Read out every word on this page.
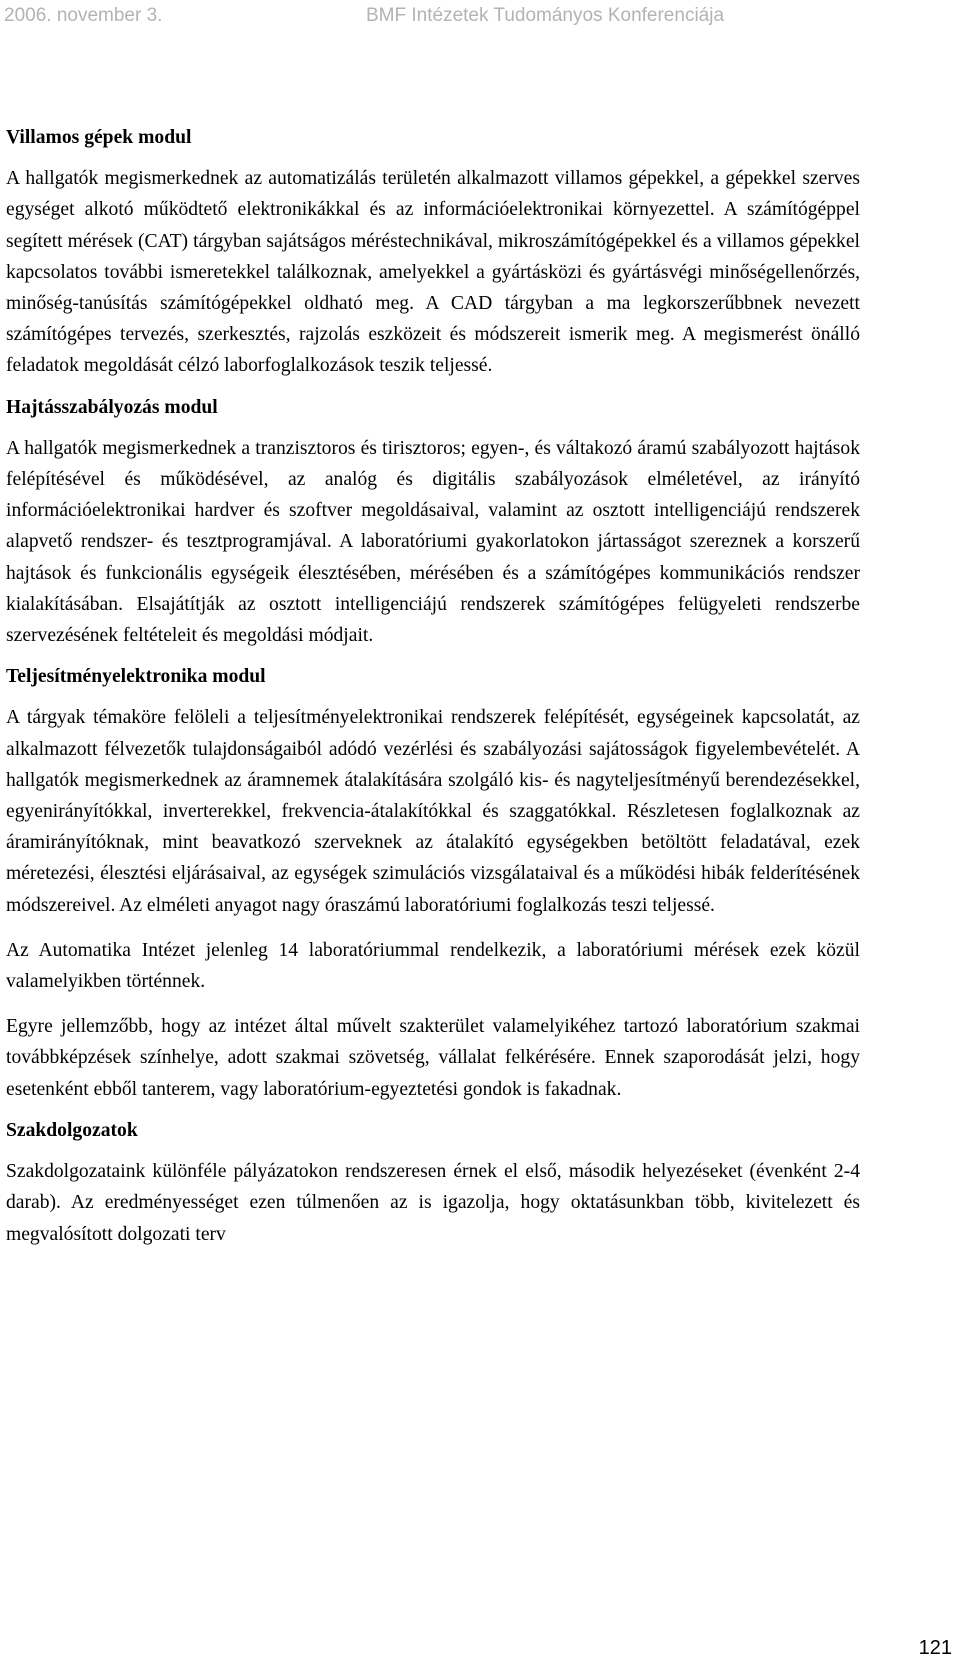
2006. november 3.	BMF Intézetek Tudományos Konferenciája
Villamos gépek modul

A hallgatók megismerkednek az automatizálás területén alkalmazott villamos gépekkel, a gépekkel szerves egységet alkotó működtető elektronikákkal és az információelektronikai környezettel. A számítógéppel segített mérések (CAT) tárgyban sajátságos méréstechnikával, mikroszámítógépekkel és a villamos gépekkel kapcsolatos további ismeretekkel találkoznak, amelyekkel a gyártásközi és gyártásvégi minőségellenőrzés, minőség-tanúsítás számítógépekkel oldható meg. A CAD tárgyban a ma legkorszerűbbnek nevezett számítógépes tervezés, szerkesztés, rajzolás eszközeit és módszereit ismerik meg. A megismerést önálló feladatok megoldását célzó laborfoglalkozások teszik teljessé.

Hajtásszabályozás modul

A hallgatók megismerkednek a tranzisztoros és tirisztoros; egyen-, és váltakozó áramú szabályozott hajtások felépítésével és működésével, az analóg és digitális szabályozások elméletével, az irányító információelektronikai hardver és szoftver megoldásaival, valamint az osztott intelligenciájú rendszerek alapvető rendszer- és tesztprogramjával. A laboratóriumi gyakorlatokon jártasságot szereznek a korszerű hajtások és funkcionális egységeik élesztésében, mérésében és a számítógépes kommunikációs rendszer kialakításában. Elsajátítják az osztott intelligenciájú rendszerek számítógépes felügyeleti rendszerbe szervezésének feltételeit és megoldási módjait.

Teljesítményelektronika modul

A tárgyak témaköre felöleli a teljesítményelektronikai rendszerek felépítését, egységeinek kapcsolatát, az alkalmazott félvezetők tulajdonságaiból adódó vezérlési és szabályozási sajátosságok figyelembevételét. A hallgatók megismerkednek az áramnemek átalakítására szolgáló kis- és nagyteljesítményű berendezésekkel, egyenirányítókkal, inverterekkel, frekvencia-átalakítókkal és szaggatókkal. Részletesen foglalkoznak az áramirányítóknak, mint beavatkozó szerveknek az átalakító egységekben betöltött feladatával, ezek méretezési, élesztési eljárásaival, az egységek szimulációs vizsgálataival és a működési hibák felderítésének módszereivel. Az elméleti anyagot nagy óraszámú laboratóriumi foglalkozás teszi teljessé.

Az Automatika Intézet jelenleg 14 laboratóriummal rendelkezik, a laboratóriumi mérések ezek közül valamelyikben történnek.

Egyre jellemzőbb, hogy az intézet által művelt szakterület valamelyikéhez tartozó laboratórium szakmai továbbképzések színhelye, adott szakmai szövetség, vállalat felkérésére. Ennek szaporodását jelzi, hogy esetenként ebből tanterem, vagy laboratórium-egyeztetési gondok is fakadnak.

Szakdolgozatok

Szakdolgozataink különféle pályázatokon rendszeresen érnek el első, második helyezéseket (évenként 2-4 darab). Az eredményességet ezen túlmenően az is igazolja, hogy oktatásunkban több, kivitelezett és megvalósított dolgozati terv

121
